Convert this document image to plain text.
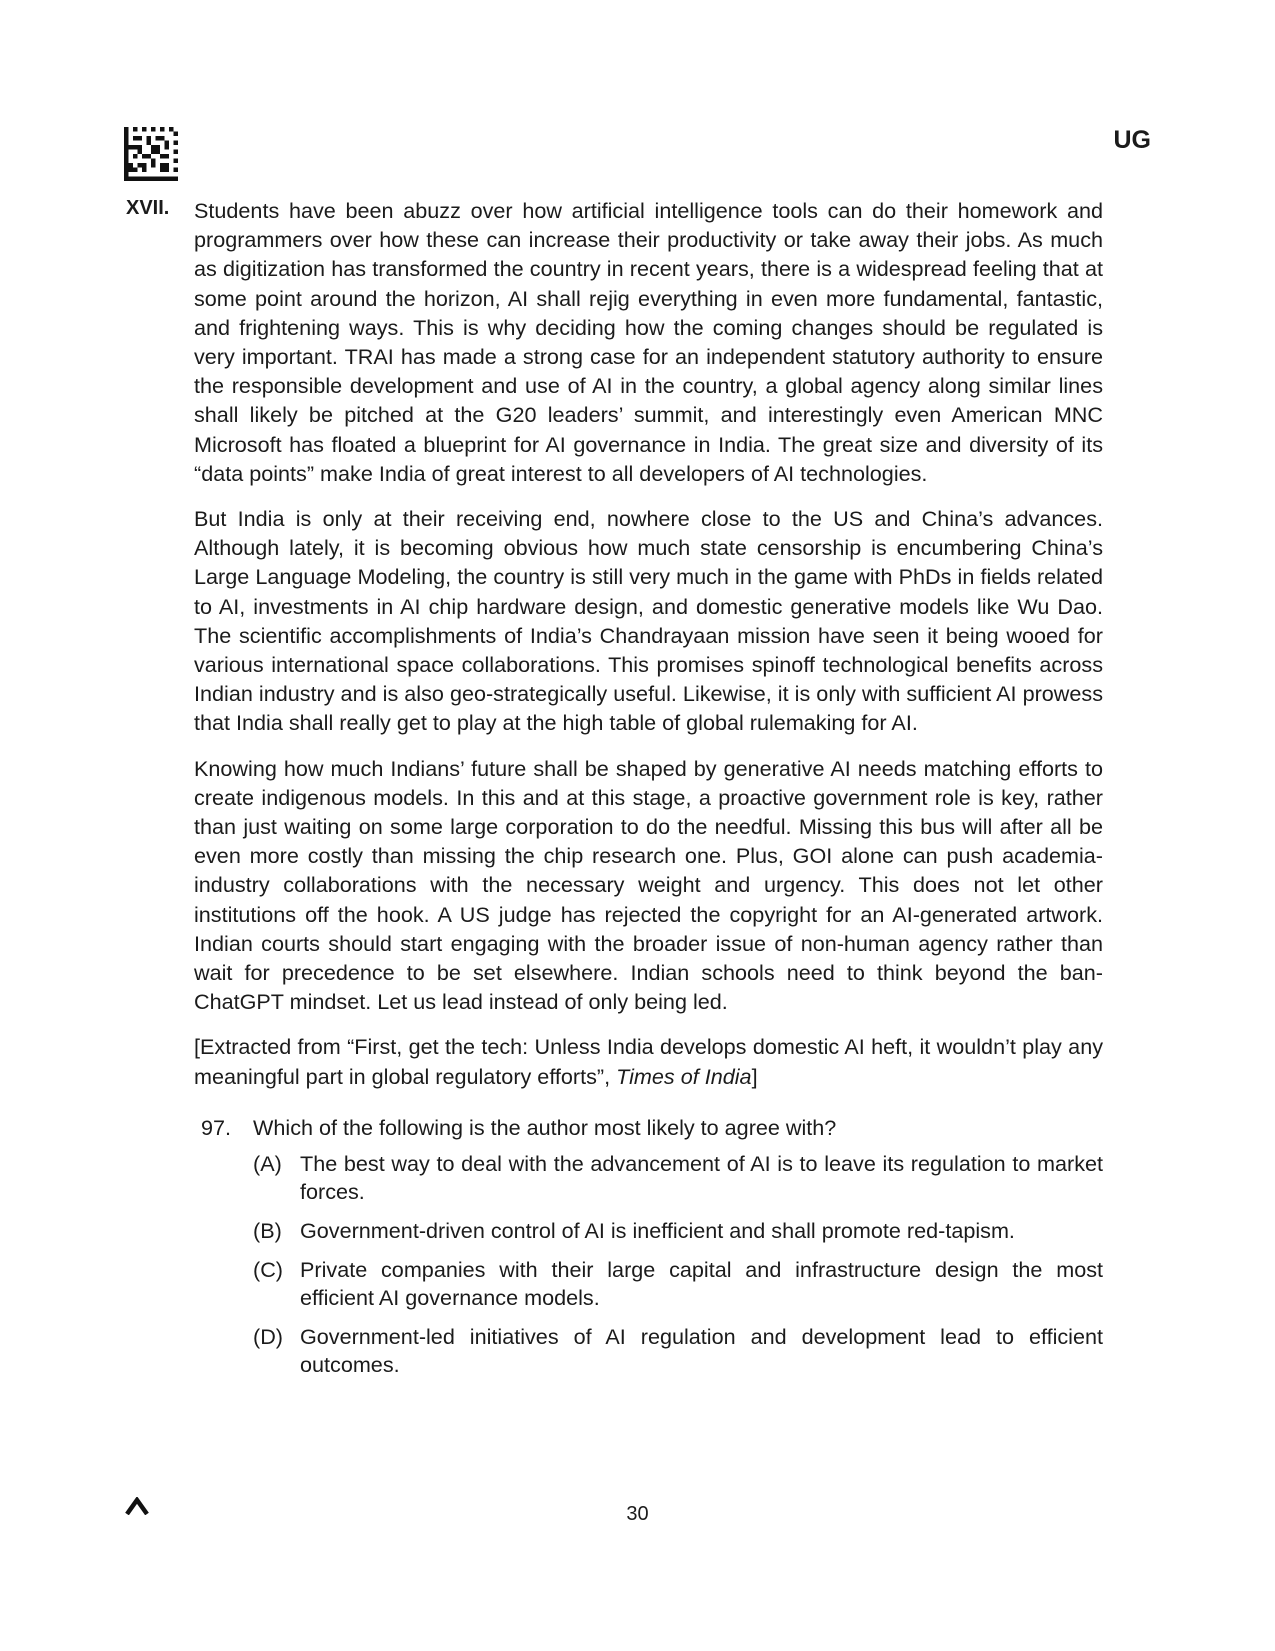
UG
XVII. Students have been abuzz over how artificial intelligence tools can do their homework and programmers over how these can increase their productivity or take away their jobs. As much as digitization has transformed the country in recent years, there is a widespread feeling that at some point around the horizon, AI shall rejig everything in even more fundamental, fantastic, and frightening ways. This is why deciding how the coming changes should be regulated is very important. TRAI has made a strong case for an independent statutory authority to ensure the responsible development and use of AI in the country, a global agency along similar lines shall likely be pitched at the G20 leaders’ summit, and interestingly even American MNC Microsoft has floated a blueprint for AI governance in India. The great size and diversity of its “data points” make India of great interest to all developers of AI technologies.

But India is only at their receiving end, nowhere close to the US and China’s advances. Although lately, it is becoming obvious how much state censorship is encumbering China’s Large Language Modeling, the country is still very much in the game with PhDs in fields related to AI, investments in AI chip hardware design, and domestic generative models like Wu Dao. The scientific accomplishments of India’s Chandrayaan mission have seen it being wooed for various international space collaborations. This promises spinoff technological benefits across Indian industry and is also geo-strategically useful. Likewise, it is only with sufficient AI prowess that India shall really get to play at the high table of global rulemaking for AI.

Knowing how much Indians’ future shall be shaped by generative AI needs matching efforts to create indigenous models. In this and at this stage, a proactive government role is key, rather than just waiting on some large corporation to do the needful. Missing this bus will after all be even more costly than missing the chip research one. Plus, GOI alone can push academia-industry collaborations with the necessary weight and urgency. This does not let other institutions off the hook. A US judge has rejected the copyright for an AI-generated artwork. Indian courts should start engaging with the broader issue of non-human agency rather than wait for precedence to be set elsewhere. Indian schools need to think beyond the ban-ChatGPT mindset. Let us lead instead of only being led.

[Extracted from “First, get the tech: Unless India develops domestic AI heft, it wouldn’t play any meaningful part in global regulatory efforts”, Times of India]

97. Which of the following is the author most likely to agree with?
(A) The best way to deal with the advancement of AI is to leave its regulation to market forces.
(B) Government-driven control of AI is inefficient and shall promote red-tapism.
(C) Private companies with their large capital and infrastructure design the most efficient AI governance models.
(D) Government-led initiatives of AI regulation and development lead to efficient outcomes.
30
